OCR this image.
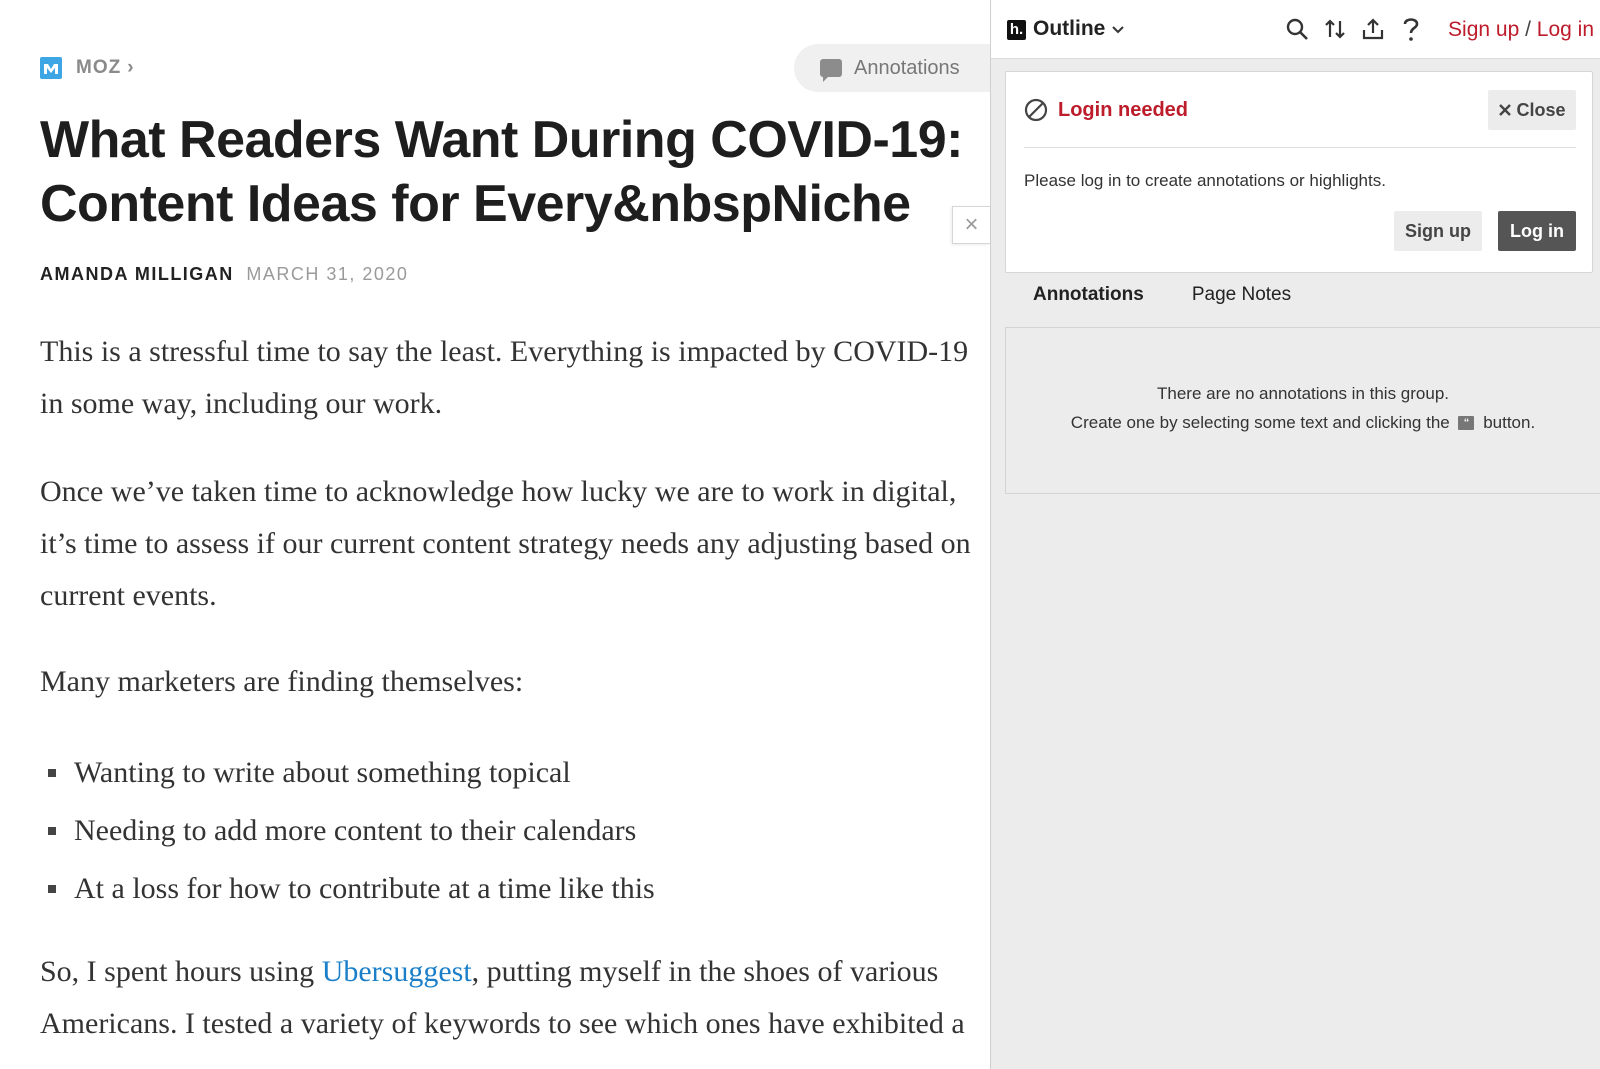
MOZ ›	Annotations
What Readers Want During COVID-19:
Content Ideas for Every&nbspNiche
AMANDA MILLIGAN MARCH 31, 2020

This is a stressful time to say the least. Everything is impacted by COVID-19 in some way, including our work.

Once we’ve taken time to acknowledge how lucky we are to work in digital, it’s time to assess if our current content strategy needs any adjusting based on current events.

Many marketers are finding themselves:

Wanting to write about something topical
Needing to add more content to their calendars
At a loss for how to contribute at a time like this

So, I spent hours using Ubersuggest, putting myself in the shoes of various Americans. I tested a variety of keywords to see which ones have exhibited a

×
h. Outline	Sign up / Log in
Login needed	Close
Please log in to create annotations or highlights.
Sign up	Log in
Annotations	Page Notes
There are no annotations in this group.
Create one by selecting some text and clicking the “ button.
